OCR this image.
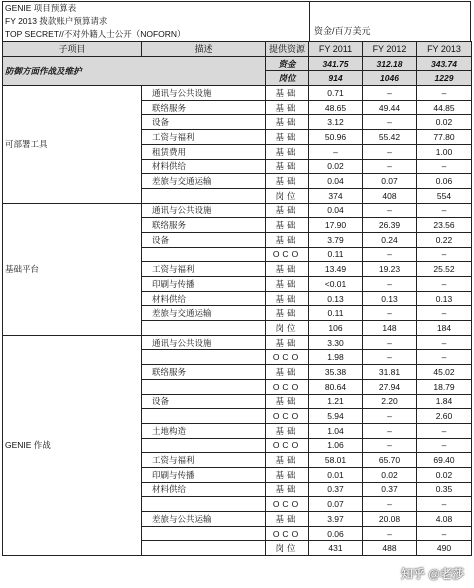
GENIE 项目预算表
FY 2013 拨款账户预算请求
TOP SECRET//不对外籍人士公开（NOFORN）	资金/百万美元
子项目	描述	提供资源	FY 2011	FY 2012	FY 2013
防御方面作战及维护		资金	341.75	312.18	343.74
		岗位	914	1046	1229
可部署工具	通讯与公共设施	基础	0.71	–	–
	联络服务	基础	48.65	49.44	44.85
	设备	基础	3.12	–	0.02
	工资与福利	基础	50.96	55.42	77.80
	租赁费用	基础	–	–	1.00
	材料供给	基础	0.02	–	–
	差旅与交通运输	基础	0.04	0.07	0.06
		岗位	374	408	554
基础平台	通讯与公共设施	基础	0.04	–	–
	联络服务	基础	17.90	26.39	23.56
	设备	基础	3.79	0.24	0.22
		OCO	0.11	–	–
	工资与福利	基础	13.49	19.23	25.52
	印刷与传播	基础	<0.01	–	–
	材料供给	基础	0.13	0.13	0.13
	差旅与交通运输	基础	0.11	–	–
		岗位	106	148	184
GENIE 作战	通讯与公共设施	基础	3.30	–	–
		OCO	1.98	–	–
	联络服务	基础	35.38	31.81	45.02
		OCO	80.64	27.94	18.79
	设备	基础	1.21	2.20	1.84
		OCO	5.94	–	2.60
	土地构造	基础	1.04	–	–
		OCO	1.06	–	–
	工资与福利	基础	58.01	65.70	69.40
	印刷与传播	基础	0.01	0.02	0.02
	材料供给	基础	0.37	0.37	0.35
		OCO	0.07	–	–
	差旅与公共运输	基础	3.97	20.08	4.08
		OCO	0.06	–	–
		岗位	431	488	490
知乎 @老莎
